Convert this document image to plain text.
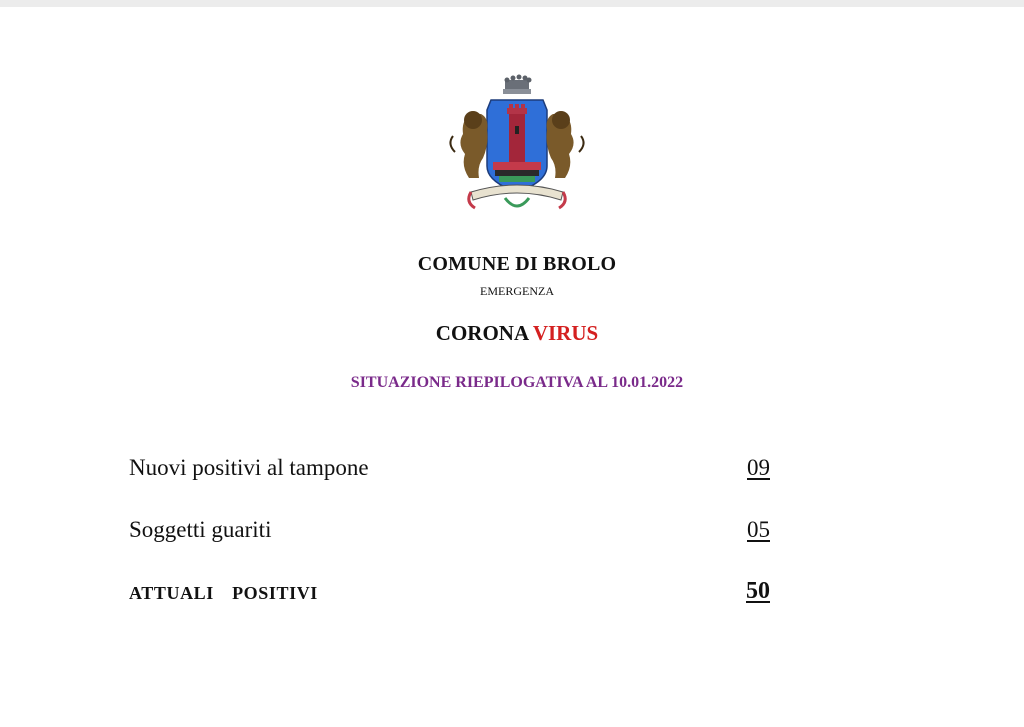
COMUNE DI BROLO
EMERGENZA
CORONA VIRUS
SITUAZIONE RIEPILOGATIVA AL 10.01.2022
Nuovi positivi al tampone	09
Soggetti guariti	05
ATTUALI  POSITIVI	50
